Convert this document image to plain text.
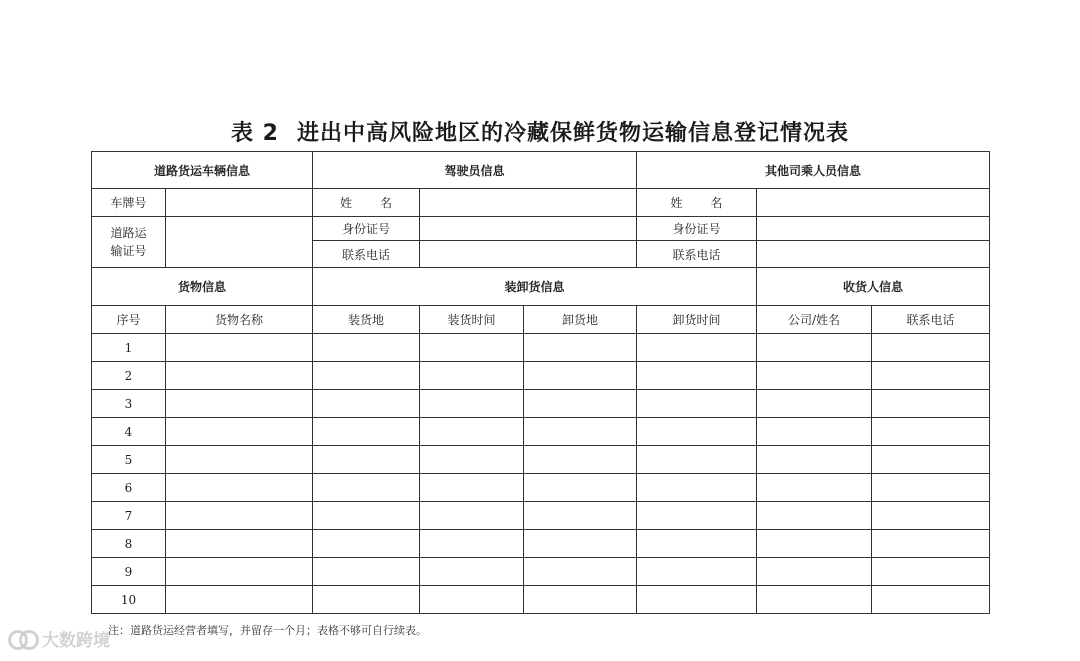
表 2 进出中高风险地区的冷藏保鲜货物运输信息登记情况表
道路货运车辆信息		驾驶员信息			其他司乘人员信息		
车牌号		姓 名			姓 名		
道路运
输证号		身份证号			身份证号		
		联系电话			联系电话		
货物信息		装卸货信息				收货人信息	
序号	货物名称	装货地	装货时间	卸货地	卸货时间	公司/姓名	联系电话
1							
2							
3							
4							
5							
6							
7							
8							
9							
10							
注：道路货运经营者填写，并留存一个月；表格不够可自行续表。
大数跨境
